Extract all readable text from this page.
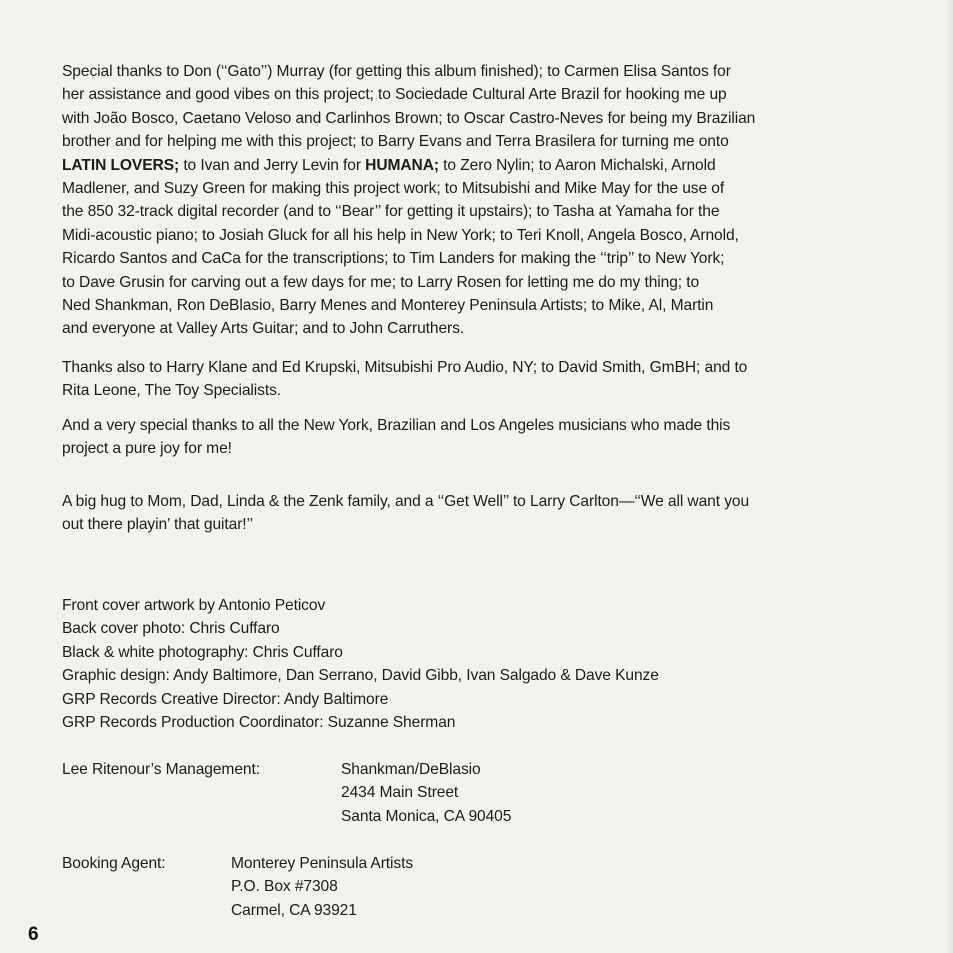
Special thanks to Don (‘‘Gato’’) Murray (for getting this album finished); to Carmen Elisa Santos for
her assistance and good vibes on this project; to Sociedade Cultural Arte Brazil for hooking me up
with João Bosco, Caetano Veloso and Carlinhos Brown; to Oscar Castro-Neves for being my Brazilian
brother and for helping me with this project; to Barry Evans and Terra Brasilera for turning me onto
LATIN LOVERS; to Ivan and Jerry Levin for HUMANA; to Zero Nylin; to Aaron Michalski, Arnold
Madlener, and Suzy Green for making this project work; to Mitsubishi and Mike May for the use of
the 850 32-track digital recorder (and to ‘‘Bear’’ for getting it upstairs); to Tasha at Yamaha for the
Midi-acoustic piano; to Josiah Gluck for all his help in New York; to Teri Knoll, Angela Bosco, Arnold,
Ricardo Santos and CaCa for the transcriptions; to Tim Landers for making the ‘‘trip’’ to New York;
to Dave Grusin for carving out a few days for me; to Larry Rosen for letting me do my thing; to
Ned Shankman, Ron DeBlasio, Barry Menes and Monterey Peninsula Artists; to Mike, Al, Martin
and everyone at Valley Arts Guitar; and to John Carruthers.
Thanks also to Harry Klane and Ed Krupski, Mitsubishi Pro Audio, NY; to David Smith, GmBH; and to
Rita Leone, The Toy Specialists.
And a very special thanks to all the New York, Brazilian and Los Angeles musicians who made this
project a pure joy for me!
A big hug to Mom, Dad, Linda & the Zenk family, and a ‘‘Get Well’’ to Larry Carlton—‘‘We all want you
out there playin’ that guitar!’’
Front cover artwork by Antonio Peticov
Back cover photo: Chris Cuffaro
Black & white photography: Chris Cuffaro
Graphic design: Andy Baltimore, Dan Serrano, David Gibb, Ivan Salgado & Dave Kunze
GRP Records Creative Director: Andy Baltimore
GRP Records Production Coordinator: Suzanne Sherman
Lee Ritenour’s Management:	Shankman/DeBlasio
2434 Main Street
Santa Monica, CA 90405
Booking Agent:	Monterey Peninsula Artists
P.O. Box #7308
Carmel, CA 93921
6
